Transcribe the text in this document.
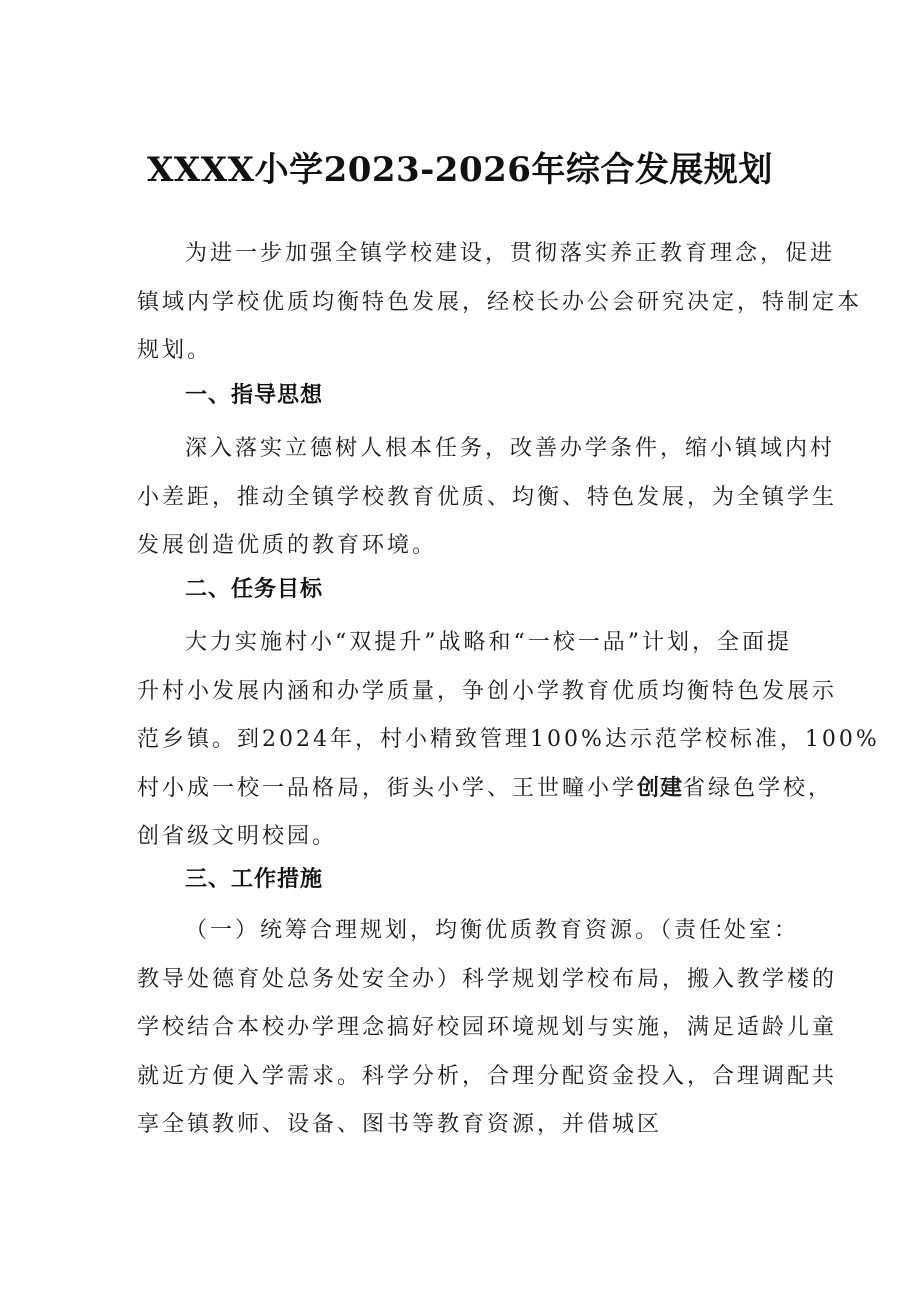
XXXX小学2023-2026年综合发展规划

为进一步加强全镇学校建设，贯彻落实养正教育理念，促进
镇域内学校优质均衡特色发展，经校长办公会研究决定，特制定本
规划。

一、指导思想

深入落实立德树人根本任务，改善办学条件，缩小镇域内村
小差距，推动全镇学校教育优质、均衡、特色发展，为全镇学生
发展创造优质的教育环境。

二、任务目标

大力实施村小“双提升”战略和“一校一品”计划，全面提
升村小发展内涵和办学质量，争创小学教育优质均衡特色发展示
范乡镇。到2024年，村小精致管理100%达示范学校标准，100%
村小成一校一品格局，街头小学、王世疃小学创建省绿色学校，
创省级文明校园。

三、工作措施

（一）统筹合理规划，均衡优质教育资源。（责任处室：
教导处德育处总务处安全办）科学规划学校布局，搬入教学楼的
学校结合本校办学理念搞好校园环境规划与实施，满足适龄儿童
就近方便入学需求。科学分析，合理分配资金投入，合理调配共
享全镇教师、设备、图书等教育资源，并借城区
